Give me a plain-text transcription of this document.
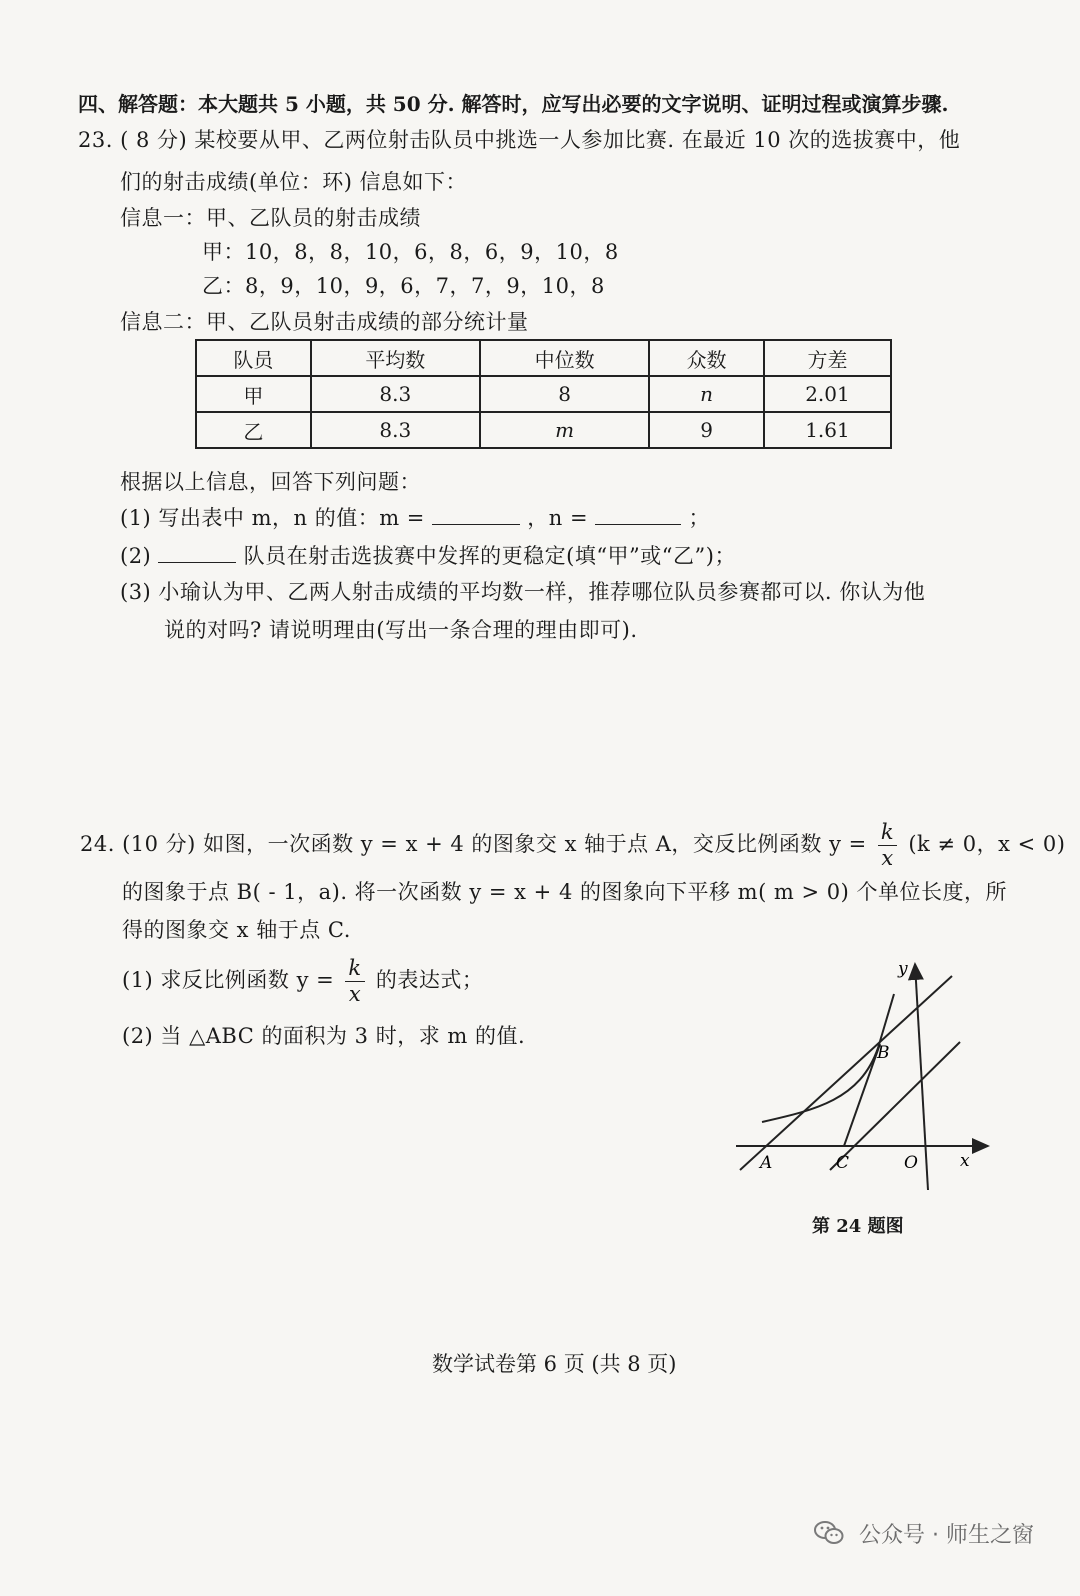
四、解答题：本大题共 5 小题，共 50 分. 解答时，应写出必要的文字说明、证明过程或演算步骤.
23. ( 8 分) 某校要从甲、乙两位射击队员中挑选一人参加比赛. 在最近 10 次的选拔赛中，他
们的射击成绩(单位：环) 信息如下：
信息一：甲、乙队员的射击成绩
甲：10，8，8，10，6，8，6，9，10，8
乙：8，9，10，9，6，7，7，9，10，8
信息二：甲、乙队员射击成绩的部分统计量
队员	平均数	中位数	众数	方差
甲	8.3	8	n	2.01
乙	8.3	m	9	1.61
根据以上信息，回答下列问题：
(1) 写出表中 m，n 的值：m =	，n =	；
(2)	队员在射击选拔赛中发挥的更稳定(填“甲”或“乙”)；
(3) 小瑜认为甲、乙两人射击成绩的平均数一样，推荐哪位队员参赛都可以. 你认为他
说的对吗? 请说明理由(写出一条合理的理由即可).
24. (10 分) 如图，一次函数 y = x + 4 的图象交 x 轴于点 A，交反比例函数 $y = \frac{k}{x} (k \ne 0$，x < 0)
的图象于点 B( - 1，a). 将一次函数 y = x + 4 的图象向下平移 m( m > 0) 个单位长度，所
得的图象交 x 轴于点 C.
(1) 求反比例函数 $y = \frac{k}{x}$ 的表达式；
(2) 当 △ABC 的面积为 3 时，求 m 的值.
y
x
A
B
C	O
第 24 题图
数学试卷第 6 页 (共 8 页)
公众号 · 师生之窗
